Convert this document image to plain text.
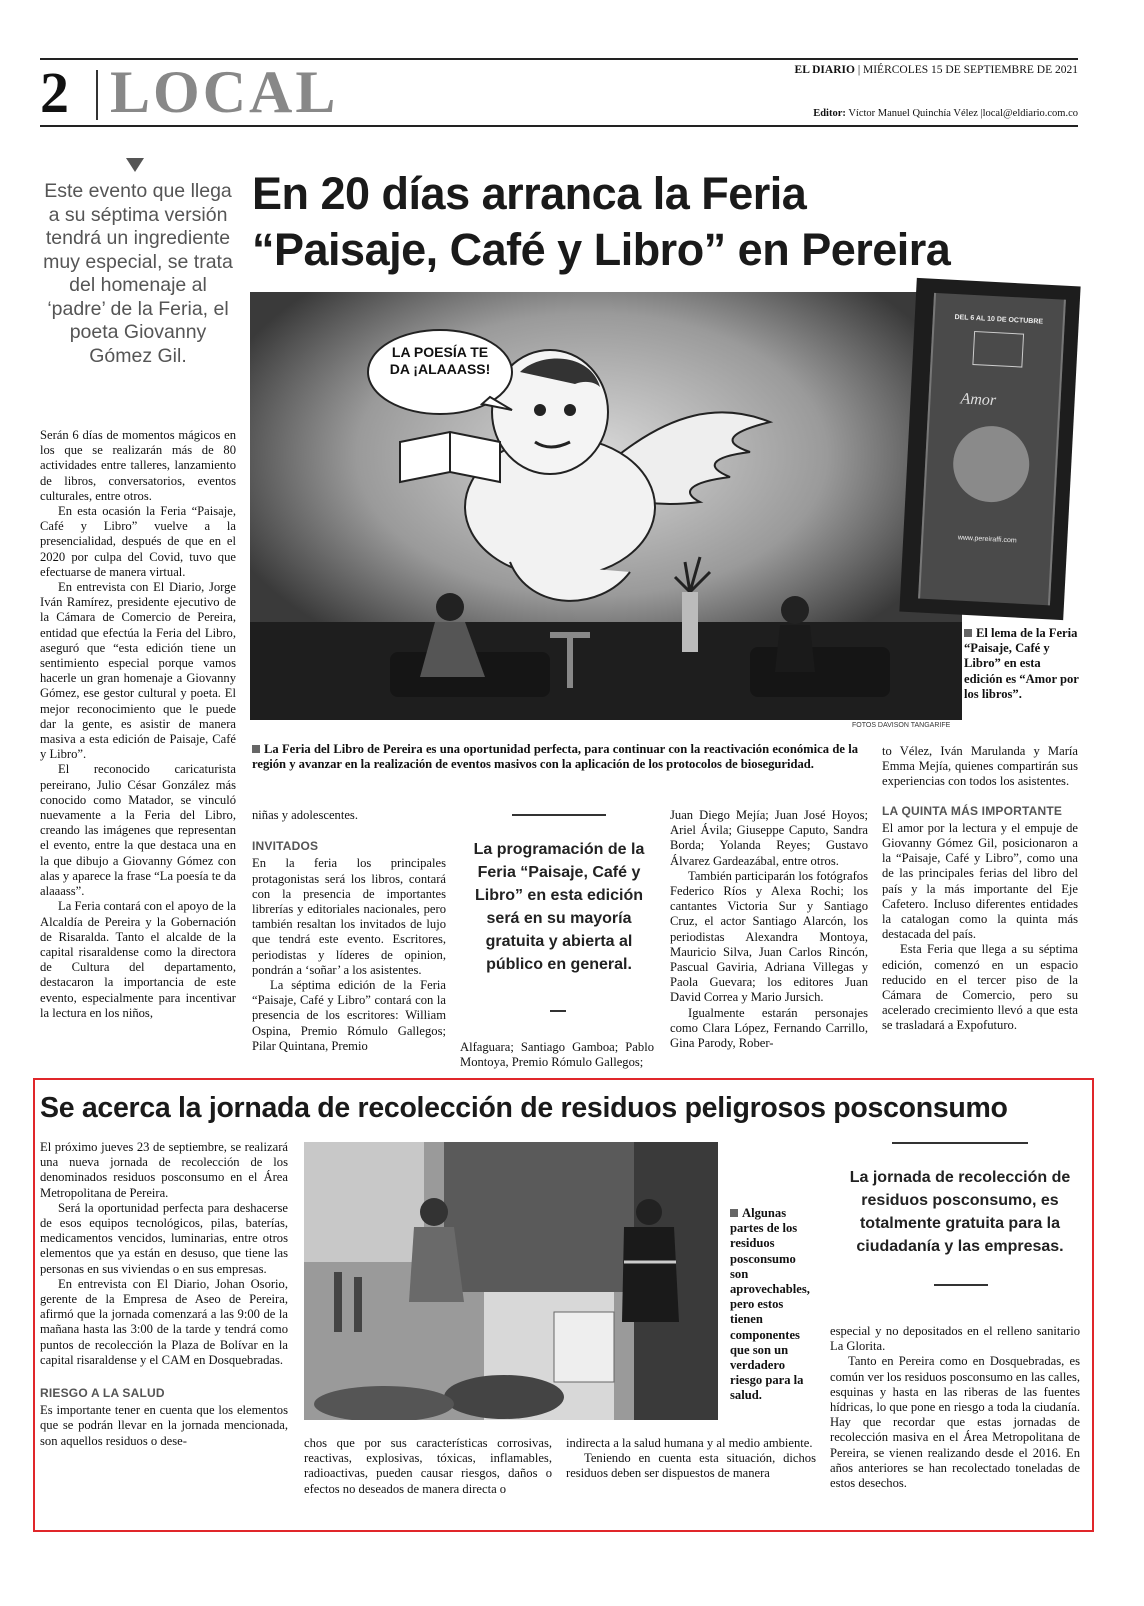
2 LOCAL	EL DIARIO | MIÉRCOLES 15 DE SEPTIEMBRE DE 2021
Editor: Víctor Manuel Quinchía Vélez |local@eldiario.com.co
Este evento que llega a su séptima versión tendrá un ingrediente muy especial, se trata del homenaje al ‘padre’ de la Feria, el poeta Giovanny Gómez Gil.
En 20 días arranca la Feria
“Paisaje, Café y Libro” en Pereira
LA POESÍA TE DA ¡ALAAASS!
FOTOS DAVISON TANGARIFE
DEL 6 AL 10 DE OCTUBRE
Amor
www.pereiraffi.com
El lema de la Feria “Paisaje, Café y Libro” en esta edición es “Amor por los libros”.
La Feria del Libro de Pereira es una oportunidad perfecta, para continuar con la reactivación económica de la región y avanzar en la realización de eventos masivos con la aplicación de los protocolos de bioseguridad.

Serán 6 días de momentos mágicos en los que se realizarán más de 80 actividades entre talleres, lanzamiento de libros, conversatorios, eventos culturales, entre otros.

En esta ocasión la Feria “Paisaje, Café y Libro” vuelve a la presencialidad, después de que en el 2020 por culpa del Covid, tuvo que efectuarse de manera virtual.

En entrevista con El Diario, Jorge Iván Ramírez, presidente ejecutivo de la Cámara de Comercio de Pereira, entidad que efectúa la Feria del Libro, aseguró que “esta edición tiene un sentimiento especial porque vamos hacerle un gran homenaje a Giovanny Gómez, ese gestor cultural y poeta. El mejor reconocimiento que le puede dar la gente, es asistir de manera masiva a esta edición de Paisaje, Café y Libro”.

El reconocido caricaturista pereirano, Julio César González más conocido como Matador, se vinculó nuevamente a la Feria del Libro, creando las imágenes que representan el evento, entre la que destaca una en la que dibujo a Giovanny Gómez con alas y aparece la frase “La poesía te da alaaass”.

La Feria contará con el apoyo de la Alcaldía de Pereira y la Gobernación de Risaralda. Tanto el alcalde de la capital risaraldense como la directora de Cultura del departamento, destacaron la importancia de este evento, especialmente para incentivar la lectura en los niños,

niñas y adolescentes.

INVITADOS

En la feria los principales protagonistas será los libros, contará con la presencia de importantes librerías y editoriales nacionales, pero también resaltan los invitados de lujo que tendrá este evento. Escritores, periodistas y líderes de opinion, pondrán a ‘soñar’ a los asistentes.

La séptima edición de la Feria “Paisaje, Café y Libro” contará con la presencia de los escritores: William Ospina, Premio Rómulo Gallegos; Pilar Quintana, Premio

La programación de la Feria “Paisaje, Café y Libro” en esta edición será en su mayoría gratuita y abierta al público en general.

Alfaguara; Santiago Gamboa; Pablo Montoya, Premio Rómulo Gallegos;

Juan Diego Mejía; Juan José Hoyos; Ariel Ávila; Giuseppe Caputo, Sandra Borda; Yolanda Reyes; Gustavo Álvarez Gardeazábal, entre otros.

También participarán los fotógrafos Federico Ríos y Alexa Rochi; los cantantes Victoria Sur y Santiago Cruz, el actor Santiago Alarcón, los periodistas Alexandra Montoya, Mauricio Silva, Juan Carlos Rincón, Pascual Gaviria, Adriana Villegas y Paola Guevara; los editores Juan David Correa y Mario Jursich.

Igualmente estarán personajes como Clara López, Fernando Carrillo, Gina Parody, Rober-

to Vélez, Iván Marulanda y María Emma Mejía, quienes compartirán sus experiencias con todos los asistentes.

LA QUINTA MÁS IMPORTANTE

El amor por la lectura y el empuje de Giovanny Gómez Gil, posicionaron a la “Paisaje, Café y Libro”, como una de las principales ferias del libro del país y la más importante del Eje Cafetero. Incluso diferentes entidades la catalogan como la quinta más destacada del país.

Esta Feria que llega a su séptima edición, comenzó en un espacio reducido en el tercer piso de la Cámara de Comercio, pero su acelerado crecimiento llevó a que esta se trasladará a Expofuturo.

Se acerca la jornada de recolección de residuos peligrosos posconsumo

El próximo jueves 23 de septiembre, se realizará una nueva jornada de recolección de los denominados residuos posconsumo en el Área Metropolitana de Pereira.

Será la oportunidad perfecta para deshacerse de esos equipos tecnológicos, pilas, baterías, medicamentos vencidos, luminarias, entre otros elementos que ya están en desuso, que tiene las personas en sus viviendas o en sus empresas.

En entrevista con El Diario, Johan Osorio, gerente de la Empresa de Aseo de Pereira, afirmó que la jornada comenzará a las 9:00 de la mañana hasta las 3:00 de la tarde y tendrá como puntos de recolección la Plaza de Bolívar en la capital risaraldense y el CAM en Dosquebradas.

RIESGO A LA SALUD

Es importante tener en cuenta que los elementos que se podrán llevar en la jornada mencionada, son aquellos residuos o dese-

Algunas partes de los residuos posconsumo son aprovechables, pero estos tienen componentes que son un verdadero riesgo para la salud.
La jornada de recolección de residuos posconsumo, es totalmente gratuita para la ciudadanía y las empresas.

chos que por sus características corrosivas, reactivas, explosivas, tóxicas, inflamables, radioactivas, pueden causar riesgos, daños o efectos no deseados de manera directa o

indirecta a la salud humana y al medio ambiente.

Teniendo en cuenta esta situación, dichos residuos deben ser dispuestos de manera

especial y no depositados en el relleno sanitario La Glorita.

Tanto en Pereira como en Dosquebradas, es común ver los residuos posconsumo en las calles, esquinas y hasta en las riberas de las fuentes hídricas, lo que pone en riesgo a toda la ciudanía. Hay que recordar que estas jornadas de recolección masiva en el Área Metropolitana de Pereira, se vienen realizando desde el 2016. En años anteriores se han recolectado toneladas de estos desechos.
